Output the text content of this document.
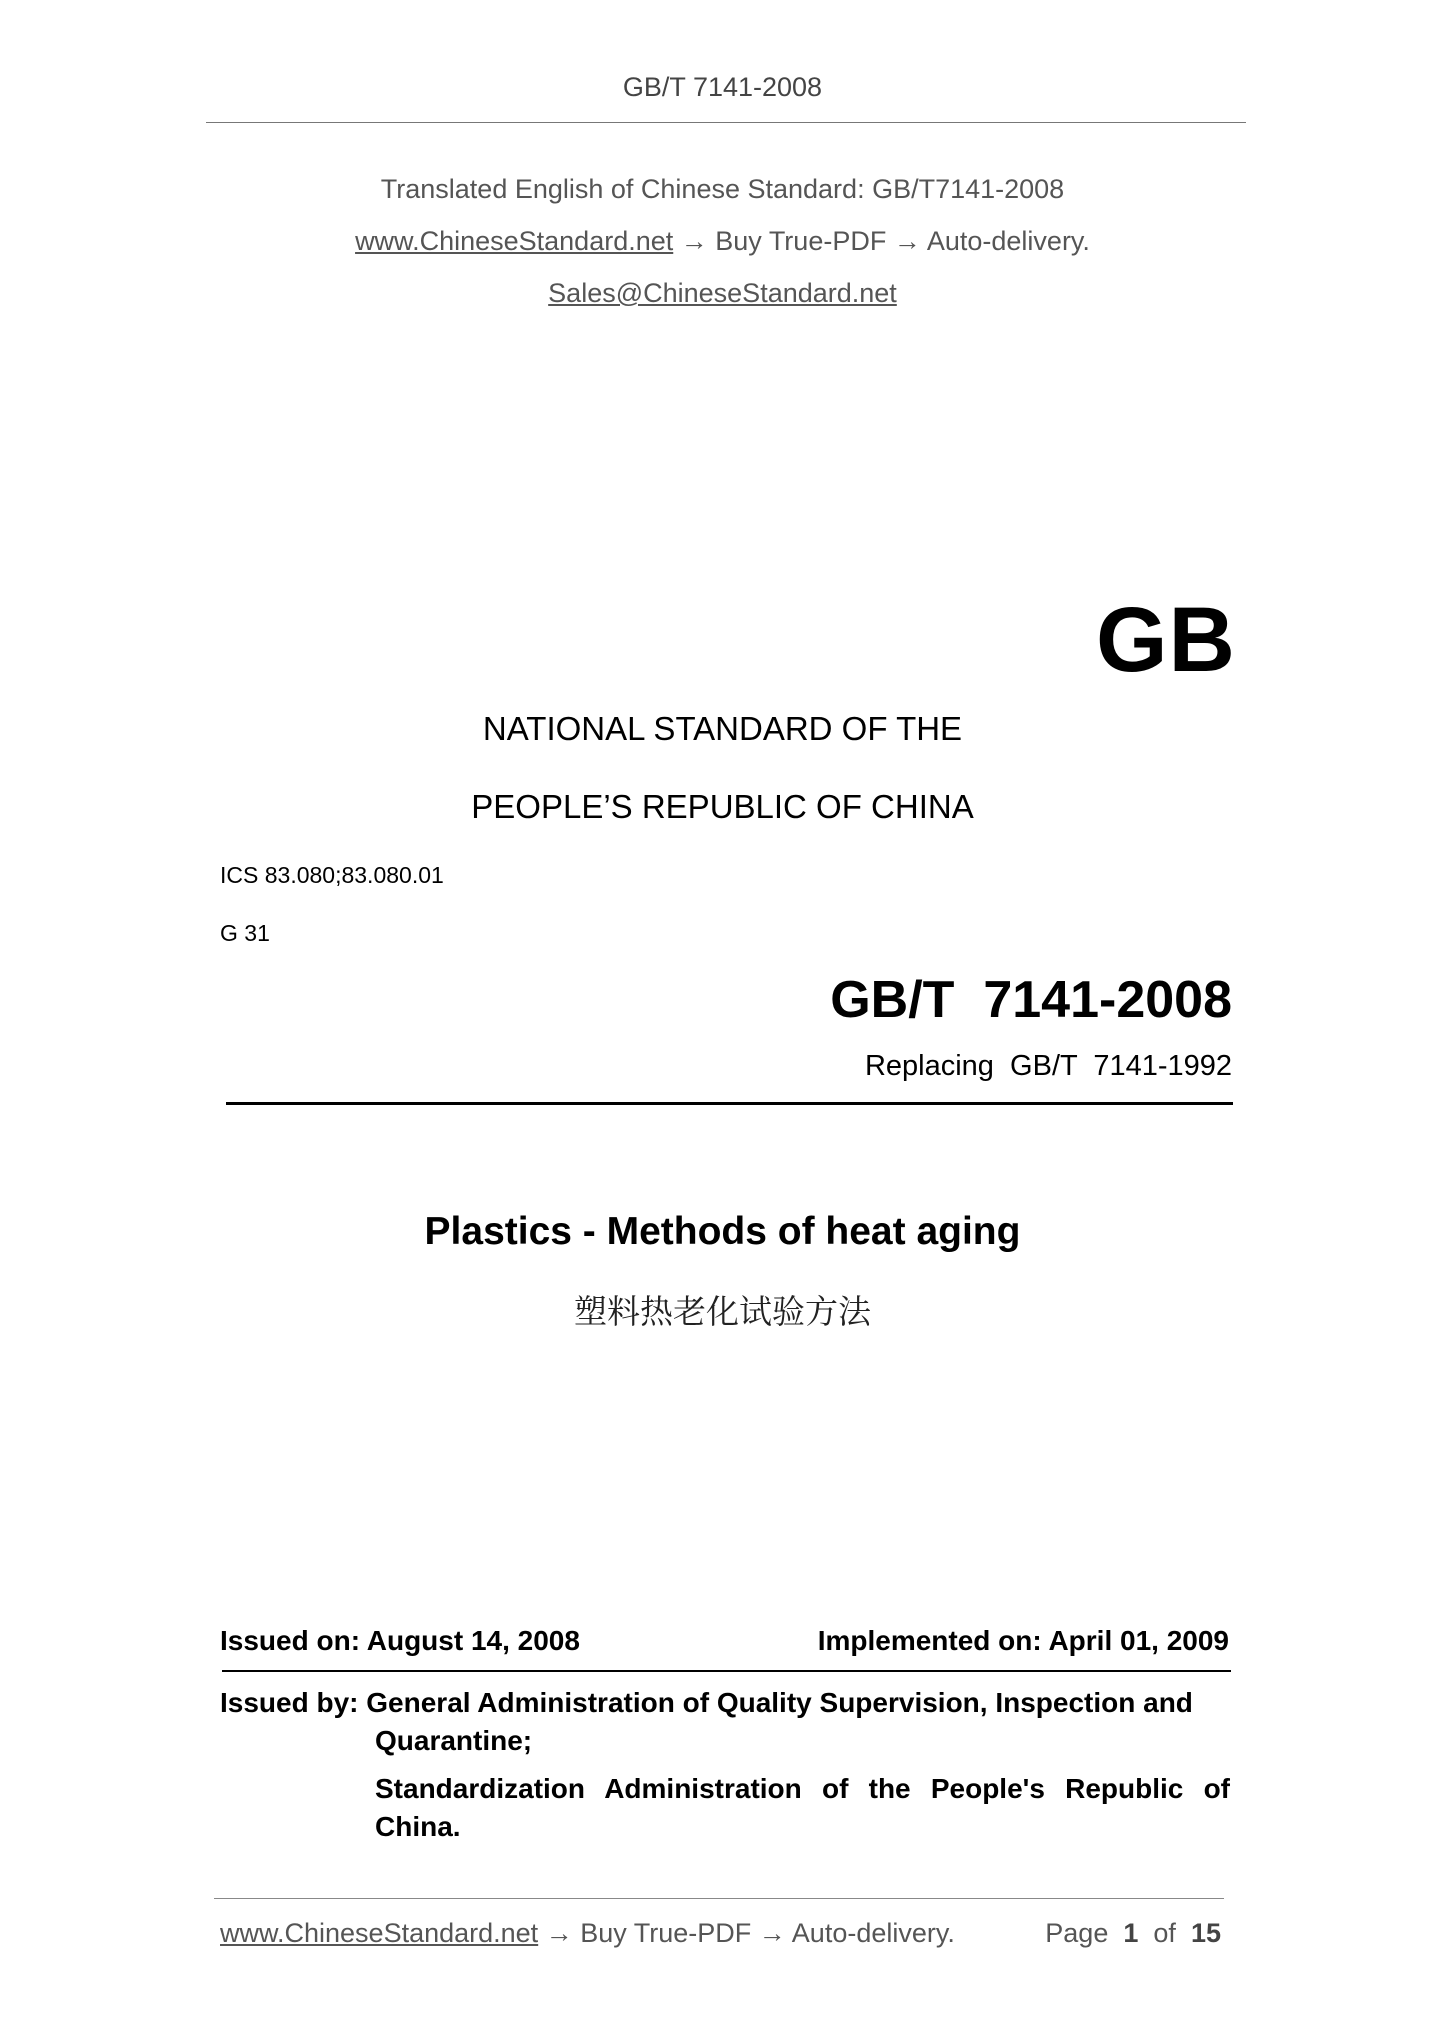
GB/T 7141-2008
Translated English of Chinese Standard: GB/T7141-2008
www.ChineseStandard.net → Buy True-PDF → Auto-delivery.
Sales@ChineseStandard.net
GB
NATIONAL STANDARD OF THE
PEOPLE’S REPUBLIC OF CHINA
ICS 83.080;83.080.01
G 31
GB/T  7141-2008
Replacing  GB/T  7141-1992
Plastics - Methods of heat aging
塑料热老化试验方法
Issued on: August 14, 2008	Implemented on: April 01, 2009
Issued by: General Administration of Quality Supervision, Inspection and
Quarantine;
Standardization Administration of the People's Republic of China.
www.ChineseStandard.net → Buy True-PDF → Auto-delivery.	Page 1 of 15
